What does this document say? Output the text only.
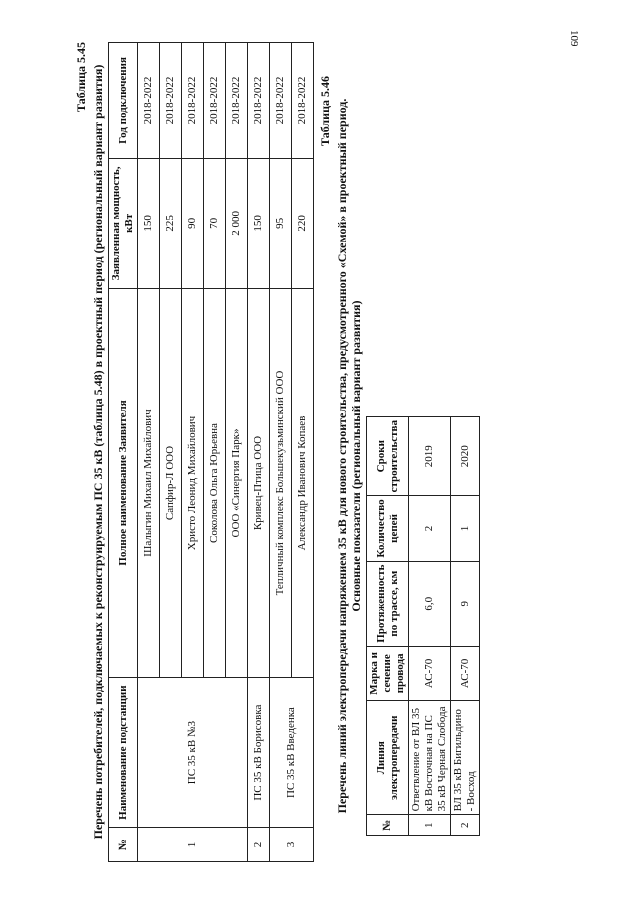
109
Таблица 5.45 Перечень потребителей, подключаемых к реконструируемым ПС 35 кВ (таблица 5.48) в проектный период (региональный вариант развития)
№	Наименование подстанции	Полное наименование Заявителя	Заявленная мощность, кВт	Год подключения
1	ПС 35 кВ №3	Шалыгин Михаил Михайлович	150	2018-2022
		Сапфир-Л ООО	225	2018-2022
		Христо Леонид Михайлович	90	2018-2022
		Соколова Ольга Юрьевна	70	2018-2022
		ООО «Синергия Парк»	2 000	2018-2022
2	ПС 35 кВ Борисовка	Кривец-Птица ООО	150	2018-2022
3	ПС 35 кВ Введенка	Тепличный комплекс Большекузьминский ООО	95	2018-2022
		Александр Иванович Копаев	220	2018-2022 Таблица 5.46 Перечень линий электропередачи напряжением 35 кВ для нового строительства, предусмотренного «Схемой» в проектный период. Основные показатели (региональный вариант развития)
№	Линия электропередачи	Марка и сечение провода	Протяженность по трассе, км	Количество цепей	Сроки строительства
1	Ответвление от ВЛ 35 кВ Восточная на ПС 35 кВ Черная Слобода	АС-70	6,0	2	2019
2	ВЛ 35 кВ Бигильдино - Восход	АС-70	9	1	2020
